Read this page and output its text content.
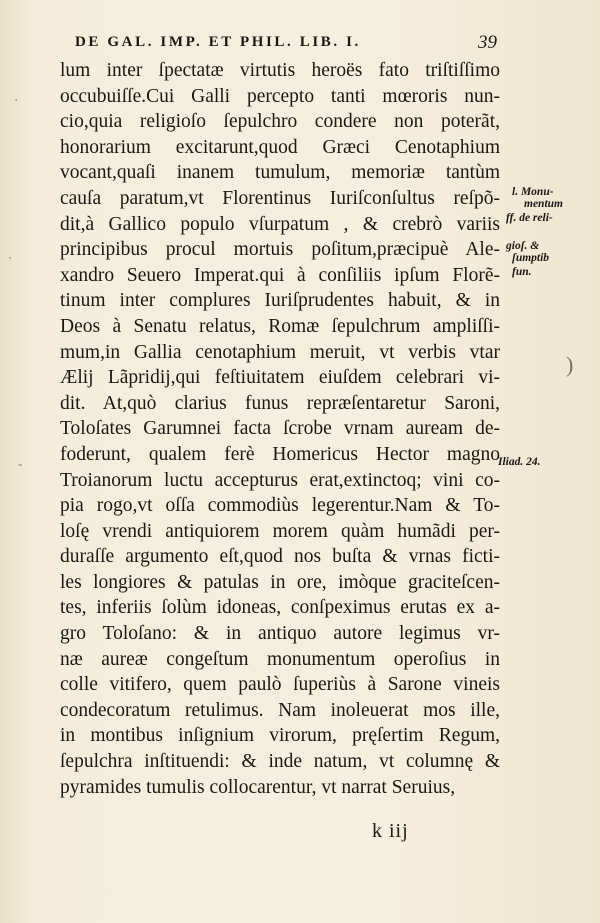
DE GAL. IMP. ET PHIL. LIB. I.	39
lum inter ſpectatæ virtutis heroës fato triſtiſſimo
occubuiſſe.Cui Galli percepto tanti mœroris nun-
cio,quia religioſo ſepulchro condere non poterãt,
honorarium excitarunt,quod Græci Cenotaphium
vocant,quaſi inanem tumulum, memoriæ tantùm
cauſa paratum,vt Florentinus Iuriſconſultus reſpõ-
dit,à Gallico populo vſurpatum , & crebrò variis
principibus procul mortuis poſitum,præcipuè Ale-
xandro Seuero Imperat.qui à conſiliis ipſum Florẽ-
tinum inter complures Iuriſprudentes habuit, & in
Deos à Senatu relatus, Romæ ſepulchrum ampliſſi-
mum,in Gallia cenotaphium meruit, vt verbis vtar
Ælij Lãpridij,qui feſtiuitatem eiuſdem celebrari vi-
dit. At,quò clarius funus repræſentaretur Saroni,
Toloſates Garumnei facta ſcrobe vrnam auream de-
foderunt, qualem ferè Homericus Hector magno
Troianorum luctu accepturus erat,extinctoq; vini co-
pia rogo,vt oſſa commodiùs legerentur.Nam & To-
loſę vrendi antiquiorem morem quàm humãdi per-
duraſſe argumento eſt,quod nos buſta & vrnas ficti-
les longiores & patulas in ore, imòque graciteſcen-
tes, inferiis ſolùm idoneas, conſpeximus erutas ex a-
gro Toloſano: & in antiquo autore legimus vr-
næ aureæ congeſtum monumentum operoſius in
colle vitifero, quem paulò ſuperiùs à Sarone vineis
condecoratum retulimus. Nam inoleuerat mos ille,
in montibus inſignium virorum, pręſertim Regum,
ſepulchra inſtituendi: & inde natum, vt columnę &
pyramides tumulis collocarentur, vt narrat Seruius,
l. Monu-
mentum
ff. de reli-
gioſ. &
ſumptib
fun.
Iliad. 24.
k iij
·
·
-
)
